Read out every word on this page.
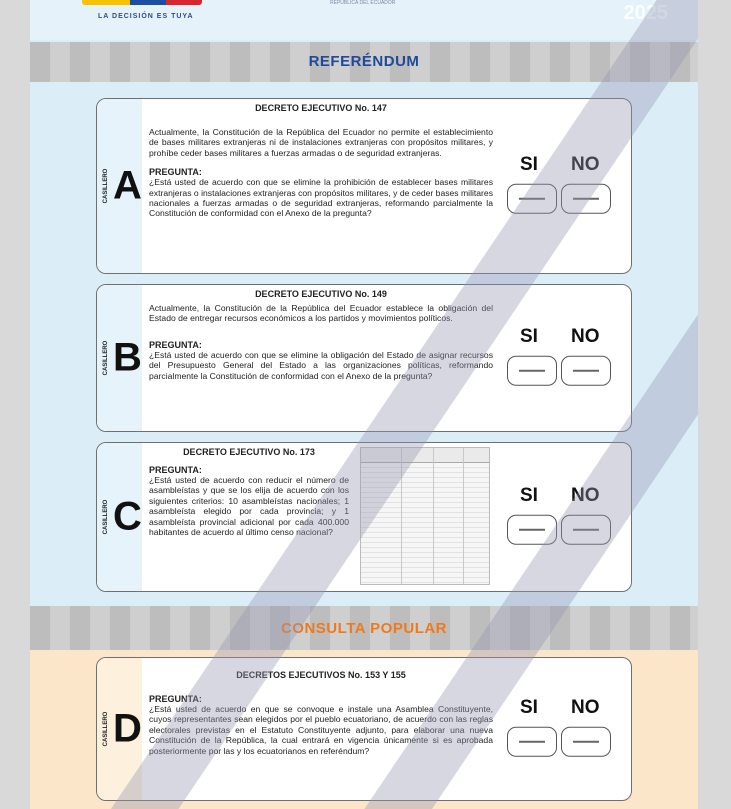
LA DECISIÓN ES TUYA
REPÚBLICA DEL ECUADOR	2025
REFERÉNDUM
CASILLERO A
DECRETO EJECUTIVO No. 147
Actualmente, la Constitución de la República del Ecuador no permite el establecimiento de bases militares extranjeras ni de instalaciones extranjeras con propósitos militares, y prohíbe ceder bases militares a fuerzas armadas o de seguridad extranjeras.
PREGUNTA:
¿Está usted de acuerdo con que se elimine la prohibición de establecer bases militares extranjeras o instalaciones extranjeras con propósitos militares, y de ceder bases militares nacionales a fuerzas armadas o de seguridad extranjeras, reformando parcialmente la Constitución de conformidad con el Anexo de la pregunta?
SI NO
CASILLERO B
DECRETO EJECUTIVO No. 149
Actualmente, la Constitución de la República del Ecuador establece la obligación del Estado de entregar recursos económicos a los partidos y movimientos políticos.
PREGUNTA:
¿Está usted de acuerdo con que se elimine la obligación del Estado de asignar recursos del Presupuesto General del Estado a las organizaciones políticas, reformando parcialmente la Constitución de conformidad con el Anexo de la pregunta?
SI NO
CASILLERO C
DECRETO EJECUTIVO No. 173
PREGUNTA:
¿Está usted de acuerdo con reducir el número de asambleístas y que se los elija de acuerdo con los siguientes criterios: 10 asambleístas nacionales; 1 asambleísta elegido por cada provincia; y 1 asambleísta provincial adicional por cada 400.000 habitantes de acuerdo al último censo nacional?
SI NO
CONSULTA POPULAR
CASILLERO D
DECRETOS EJECUTIVOS No. 153 Y 155
PREGUNTA:
¿Está usted de acuerdo en que se convoque e instale una Asamblea Constituyente, cuyos representantes sean elegidos por el pueblo ecuatoriano, de acuerdo con las reglas electorales previstas en el Estatuto Constituyente adjunto, para elaborar una nueva Constitución de la República, la cual entrará en vigencia únicamente si es aprobada posteriormente por las y los ecuatorianos en referéndum?
SI NO
